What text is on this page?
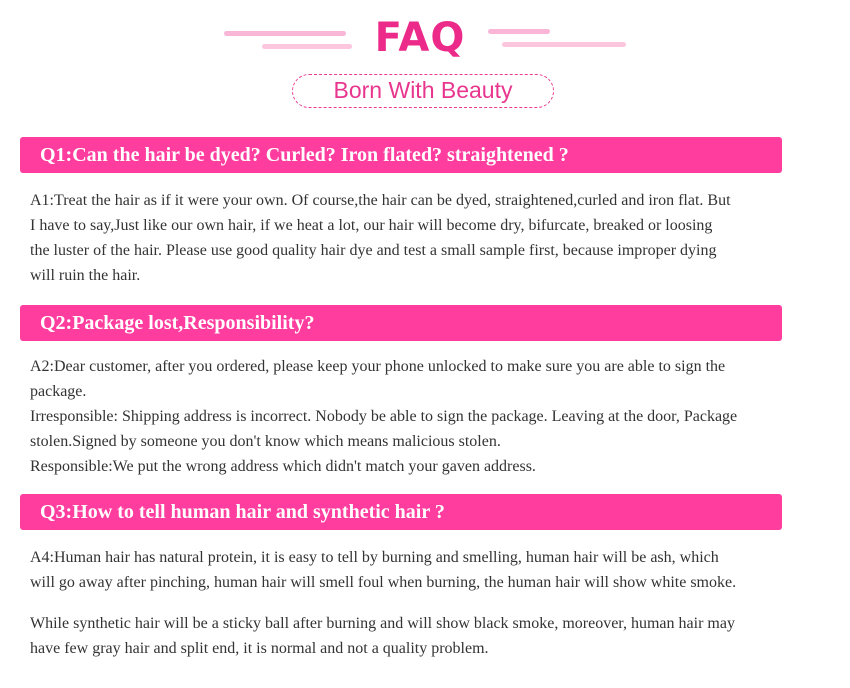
FAQ
Born With Beauty
Q1:Can the hair be dyed? Curled? Iron flated? straightened ?

A1:Treat the hair as if it were your own. Of course,the hair can be dyed, straightened,curled and iron flat. But

I have to say,Just like our own hair, if we heat a lot, our hair will become dry, bifurcate, breaked or loosing

the luster of the hair. Please use good quality hair dye and test a small sample first, because improper dying

will ruin the hair.

Q2:Package lost,Responsibility?

A2:Dear customer, after you ordered, please keep your phone unlocked to make sure you are able to sign the

package.

Irresponsible: Shipping address is incorrect. Nobody be able to sign the package. Leaving at the door, Package

stolen.Signed by someone you don't know which means malicious stolen.

Responsible:We put the wrong address which didn't match your gaven address.

Q3:How to tell human hair and synthetic hair ?

A4:Human hair has natural protein, it is easy to tell by burning and smelling, human hair will be ash, which

will go away after pinching, human hair will smell foul when burning, the human hair will show white smoke.

While synthetic hair will be a sticky ball after burning and will show black smoke, moreover, human hair may

have few gray hair and split end, it is normal and not a quality problem.
